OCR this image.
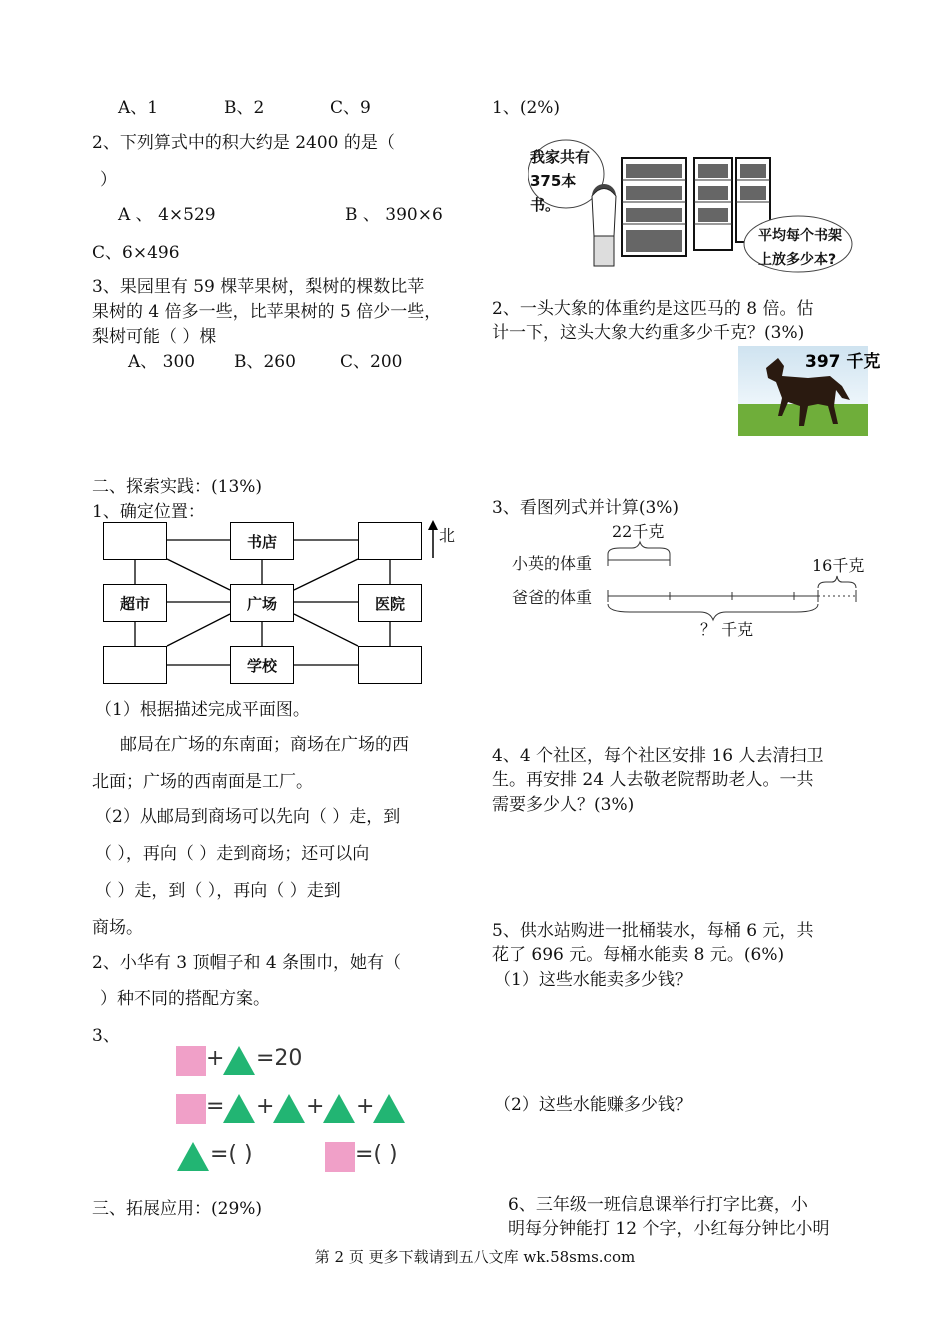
A、1	B、2	C、9
2、下列算式中的积大约是 2400 的是（
）
A 、 4×529	B 、 390×6
C、6×496
3、果园里有 59 棵苹果树，梨树的棵数比苹
果树的 4 倍多一些，比苹果树的 5 倍少一些，
梨树可能（ ）棵
A、 300 B、260	C、200
二、探索实践：(13%)
1、确定位置：
北
书店
超市	广场	医院
学校
（1）根据描述完成平面图。
邮局在广场的东南面；商场在广场的西
北面；广场的西南面是工厂。
（2）从邮局到商场可以先向（ ）走，到
（ ），再向（ ）走到商场；还可以向
（ ）走，到（ ），再向（ ）走到
商场。
2、小华有 3 顶帽子和 4 条围巾，她有（
）种不同的搭配方案。
3、
+ =20
= + + +
=( )	=( )
三、拓展应用：(29%)
1、(2%)
我家共有375本书。
平均每个书架上放多少本?
2、一头大象的体重约是这匹马的 8 倍。估
计一下，这头大象大约重多少千克？(3%)
397 千克
3、看图列式并计算(3%)
22千克
小英的体重
爸爸的体重
16千克
？ 千克
4、4 个社区，每个社区安排 16 人去清扫卫
生。再安排 24 人去敬老院帮助老人。一共
需要多少人？(3%)
5、供水站购进一批桶装水，每桶 6 元，共
花了 696 元。每桶水能卖 8 元。(6%)
（1）这些水能卖多少钱？
（2）这些水能赚多少钱？
6、三年级一班信息课举行打字比赛，小
明每分钟能打 12 个字，小红每分钟比小明
第 2 页 更多下载请到五八文库 wk.58sms.com
